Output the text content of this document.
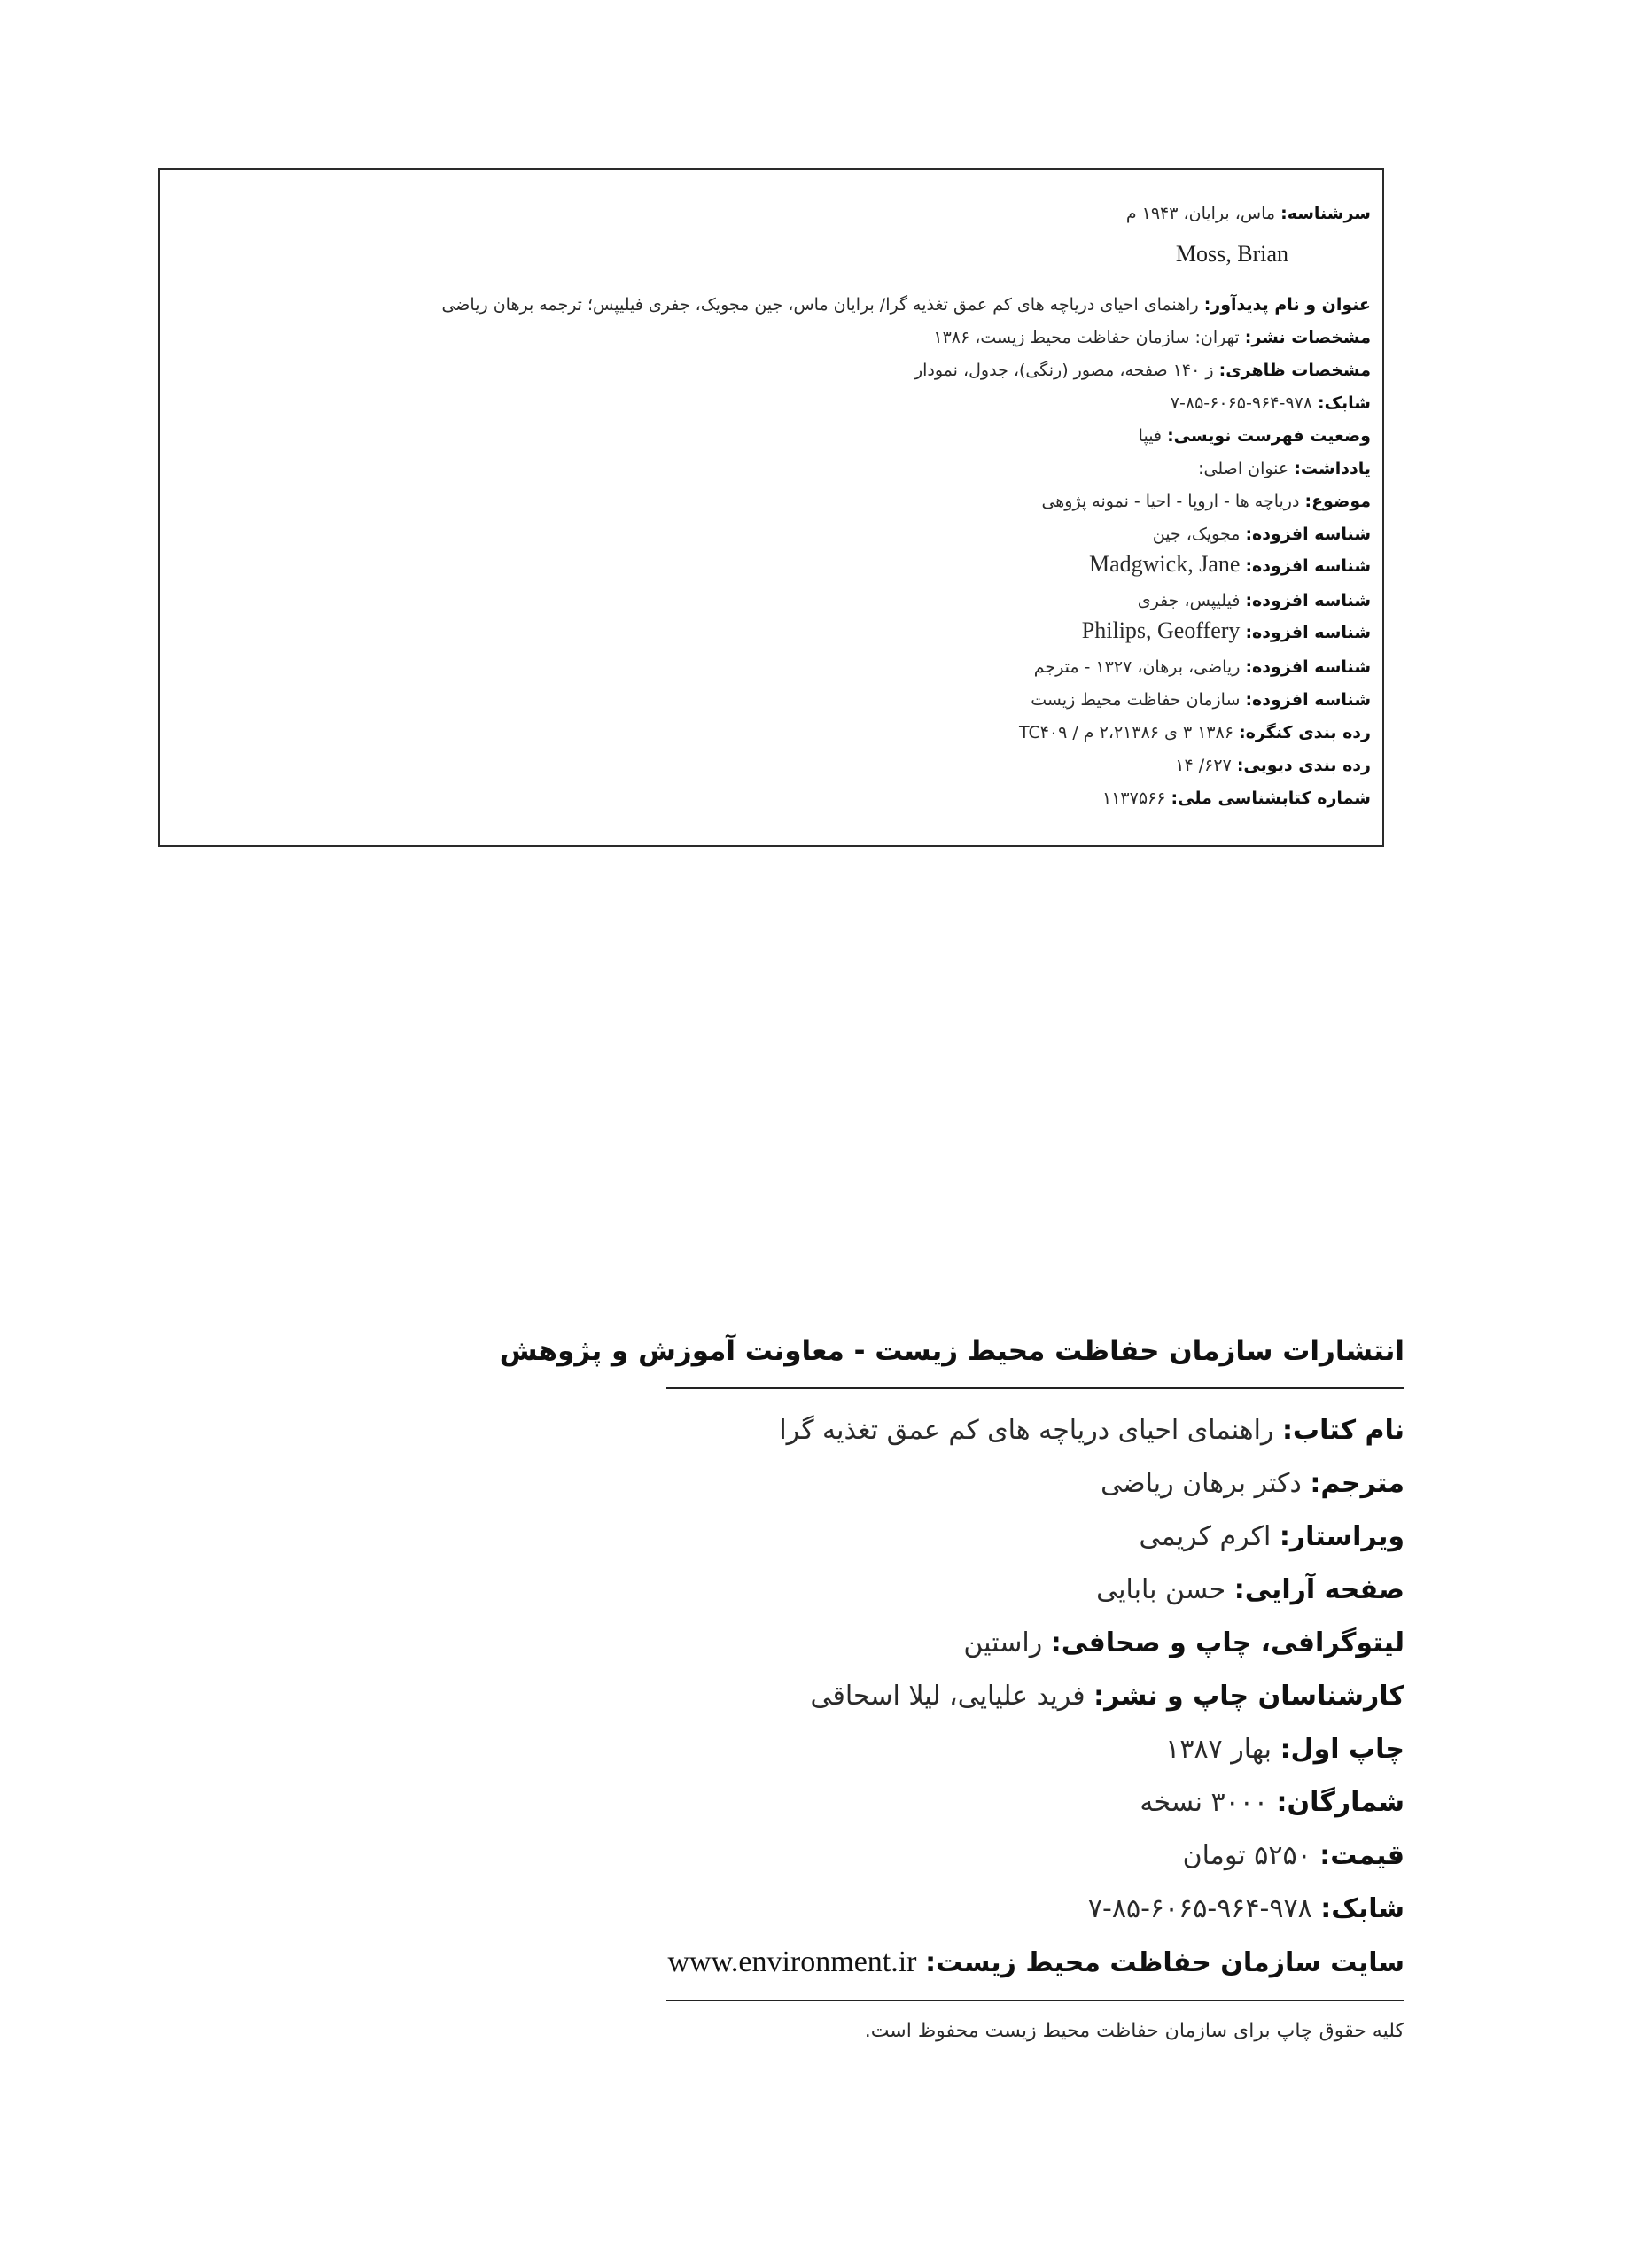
سرشناسه: ماس، برایان، ۱۹۴۳ م
Moss, Brian
عنوان و نام پدیدآور: راهنمای احیای دریاچه های کم عمق تغذیه گرا/ برایان ماس، جین مجویک، جفری فیلیپس؛ ترجمه برهان ریاضی
مشخصات نشر: تهران: سازمان حفاظت محیط زیست، ۱۳۸۶
مشخصات ظاهری: ز ۱۴۰ صفحه، مصور (رنگی)، جدول، نمودار
شابک: ۹۷۸-۹۶۴-۶۰۶۵-۸۵-۷
وضعیت فهرست نویسی: فیپا
یادداشت: عنوان اصلی:
موضوع: دریاچه ها - اروپا - احیا - نمونه پژوهی
شناسه افزوده: مجویک، جین
شناسه افزوده: Madgwick, Jane
شناسه افزوده: فیلیپس، جفری
شناسه افزوده: Philips, Geoffery
شناسه افزوده: ریاضی، برهان، ۱۳۲۷ - مترجم
شناسه افزوده: سازمان حفاظت محیط زیست
رده بندی کنگره: ۱۳۸۶ ۳ ی ۲،۲۱۳۸۶ م / TC۴۰۹
رده بندی دیویی: ۶۲۷/ ۱۴
شماره کتابشناسی ملی: ۱۱۳۷۵۶۶
انتشارات سازمان حفاظت محیط زیست - معاونت آموزش و پژوهش
نام کتاب: راهنمای احیای دریاچه های کم عمق تغذیه گرا
مترجم: دکتر برهان ریاضی
ویراستار: اکرم کریمی
صفحه آرایی: حسن بابایی
لیتوگرافی، چاپ و صحافی: راستین
کارشناسان چاپ و نشر: فرید علیایی، لیلا اسحاقی
چاپ اول: بهار ۱۳۸۷
شمارگان: ۳۰۰۰ نسخه
قیمت: ۵۲۵۰ تومان
شابک: ۹۷۸-۹۶۴-۶۰۶۵-۸۵-۷
سایت سازمان حفاظت محیط زیست: www.environment.ir
کلیه حقوق چاپ برای سازمان حفاظت محیط زیست محفوظ است.
